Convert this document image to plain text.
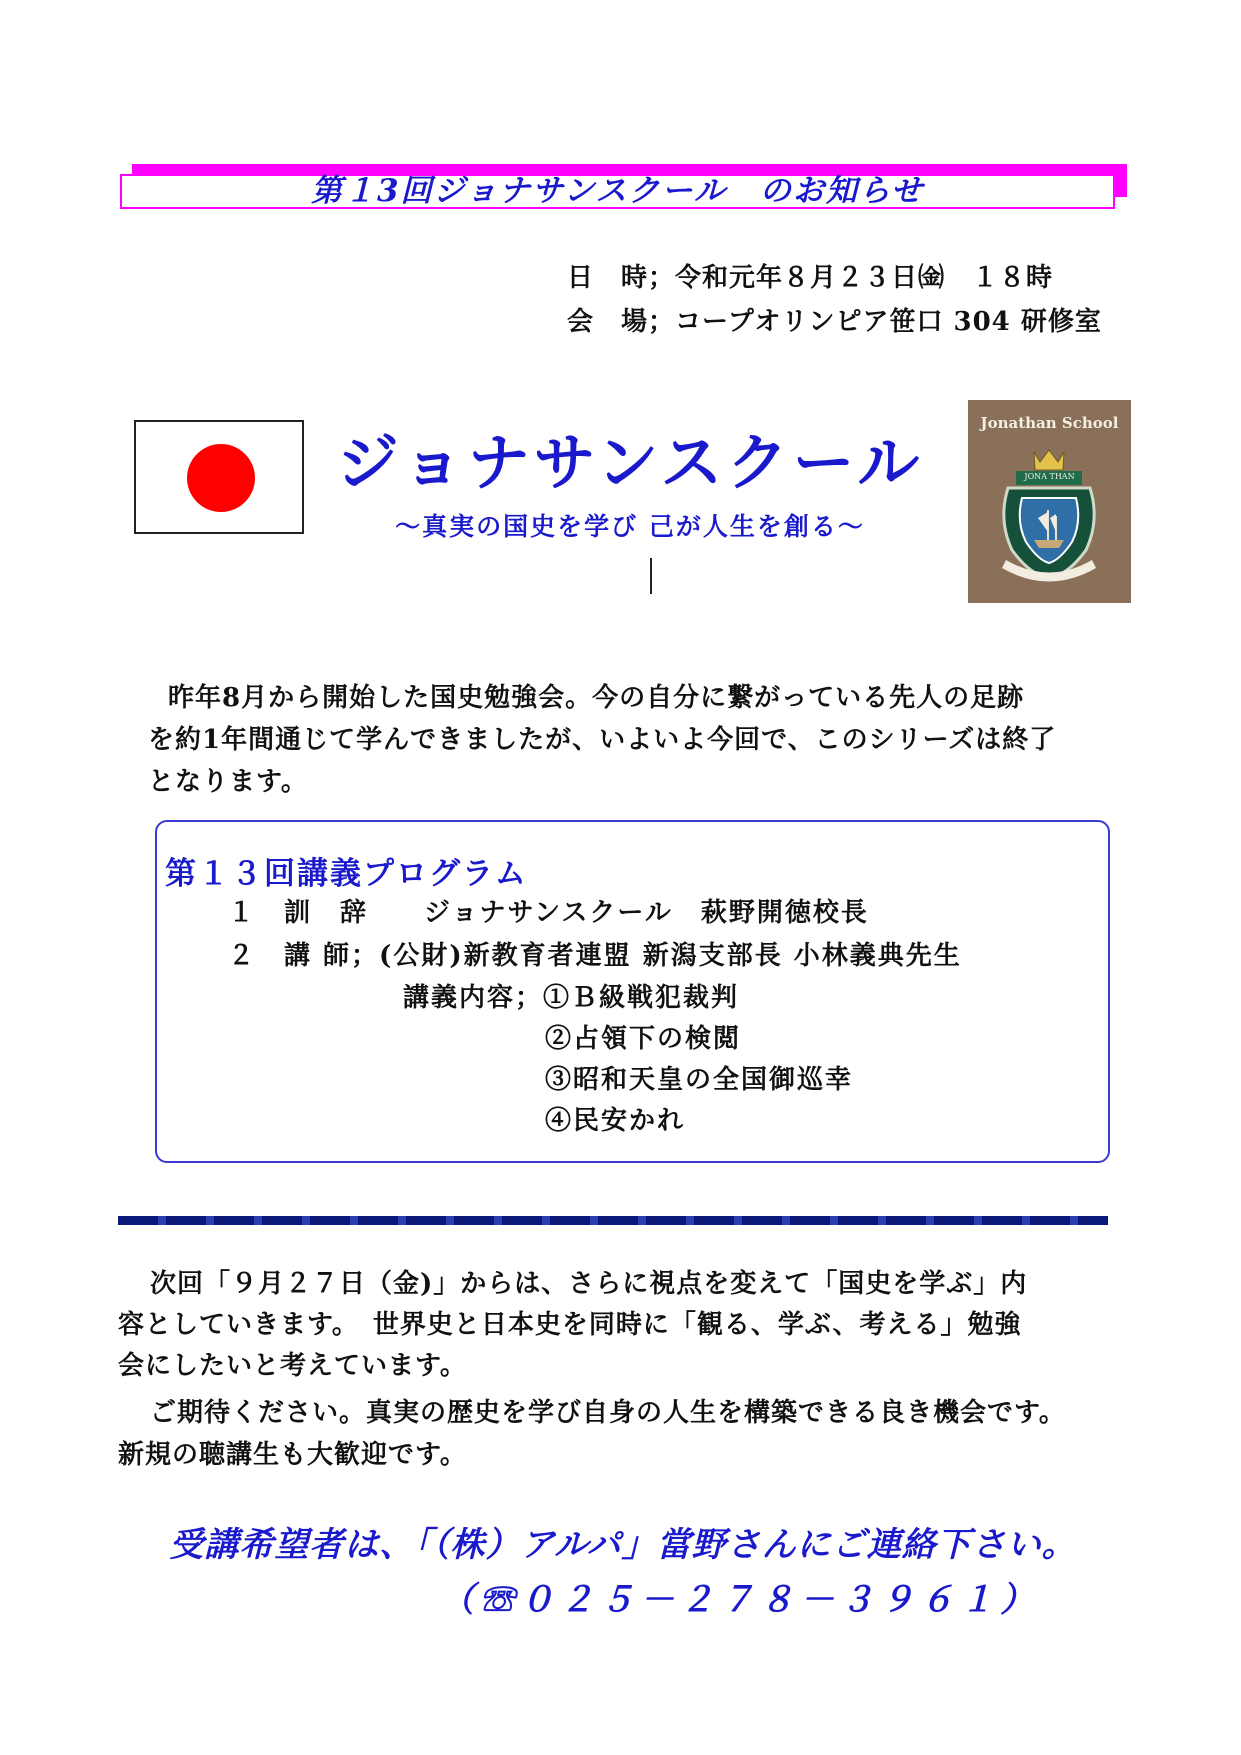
第１3回ジョナサンスクール　のお知らせ
日　時；令和元年８月２３日㈮　１８時
会　場；コープオリンピア笹口 304 研修室
ジョナサンスクール
～真実の国史を学び 己が人生を創る～
Jonathan School
JONA THAN
昨年8月から開始した国史勉強会。今の自分に繋がっている先人の足跡
を約1年間通じて学んできましたが、いよいよ今回で、このシリーズは終了
となります。
第１３回講義プログラム
１　訓　辞　　ジョナサンスクール　萩野開徳校長
２　講 師；(公財)新教育者連盟 新潟支部長 小林義典先生
講義内容；①Ｂ級戦犯裁判
②占領下の検閲
③昭和天皇の全国御巡幸
④民安かれ
次回「９月２７日（金)」からは、さらに視点を変えて「国史を学ぶ」内
容としていきます。　世界史と日本史を同時に「観る、学ぶ、考える」勉強
会にしたいと考えています。
ご期待ください。真実の歴史を学び自身の人生を構築できる良き機会です。
新規の聴講生も大歓迎です。
受講希望者は、「（株）アルパ」當野さんにご連絡下さい。
（☏０２５－２７８－３９６１）
